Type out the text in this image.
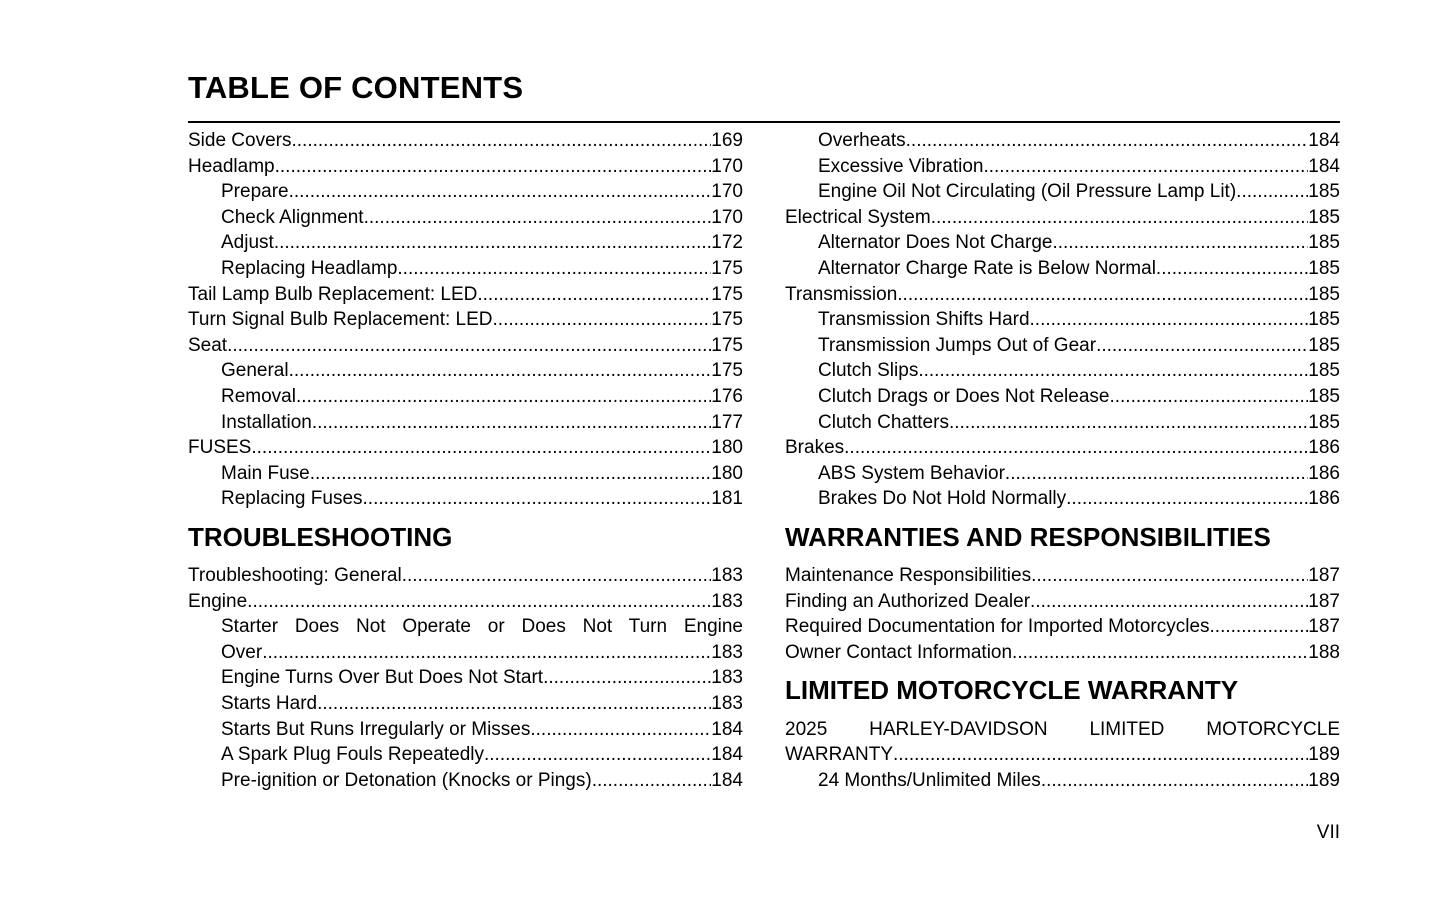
TABLE OF CONTENTS
Side Covers .....	169
Headlamp .....	170
Prepare .....	170
Check Alignment .....	170
Adjust .....	172
Replacing Headlamp .....	175
Tail Lamp Bulb Replacement: LED .....	175
Turn Signal Bulb Replacement: LED .....	175
Seat .....	175
General .....	175
Removal .....	176
Installation .....	177
FUSES .....	180
Main Fuse .....	180
Replacing Fuses .....	181
TROUBLESHOOTING
Troubleshooting: General .....	183
Engine .....	183
Starter Does Not Operate or Does Not Turn Engine
Over .....	183
Engine Turns Over But Does Not Start .....	183
Starts Hard .....	183
Starts But Runs Irregularly or Misses .....	184
A Spark Plug Fouls Repeatedly .....	184
Pre-ignition or Detonation (Knocks or Pings) .....	184
Overheats .....	184
Excessive Vibration .....	184
Engine Oil Not Circulating (Oil Pressure Lamp Lit) .....	185
Electrical System .....	185
Alternator Does Not Charge .....	185
Alternator Charge Rate is Below Normal .....	185
Transmission .....	185
Transmission Shifts Hard .....	185
Transmission Jumps Out of Gear .....	185
Clutch Slips .....	185
Clutch Drags or Does Not Release .....	185
Clutch Chatters .....	185
Brakes .....	186
ABS System Behavior .....	186
Brakes Do Not Hold Normally .....	186
WARRANTIES AND RESPONSIBILITIES
Maintenance Responsibilities .....	187
Finding an Authorized Dealer .....	187
Required Documentation for Imported Motorcycles .....	187
Owner Contact Information .....	188
LIMITED MOTORCYCLE WARRANTY
2025 HARLEY-DAVIDSON LIMITED MOTORCYCLE
WARRANTY .....	189
24 Months/Unlimited Miles .....	189
VII
